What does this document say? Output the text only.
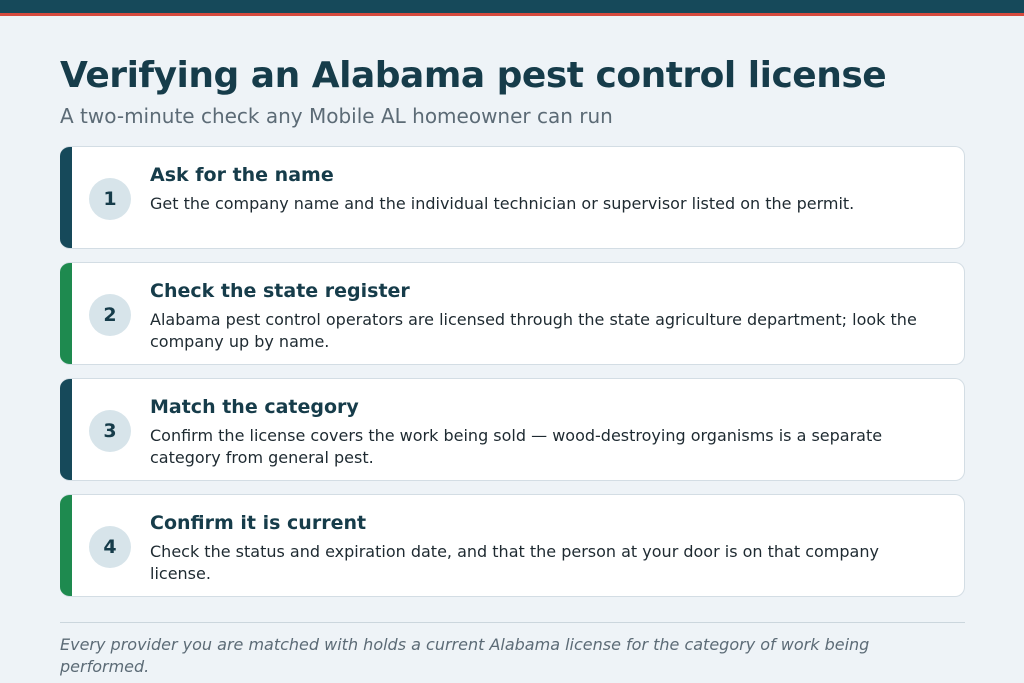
Verifying an Alabama pest control license
A two-minute check any Mobile AL homeowner can run
1
Ask for the name
Get the company name and the individual technician or supervisor listed on the permit.
2
Check the state register
Alabama pest control operators are licensed through the state agriculture department; look the company up by name.
3
Match the category
Confirm the license covers the work being sold — wood-destroying organisms is a separate category from general pest.
4
Confirm it is current
Check the status and expiration date, and that the person at your door is on that company license.

Every provider you are matched with holds a current Alabama license for the category of work being performed.
